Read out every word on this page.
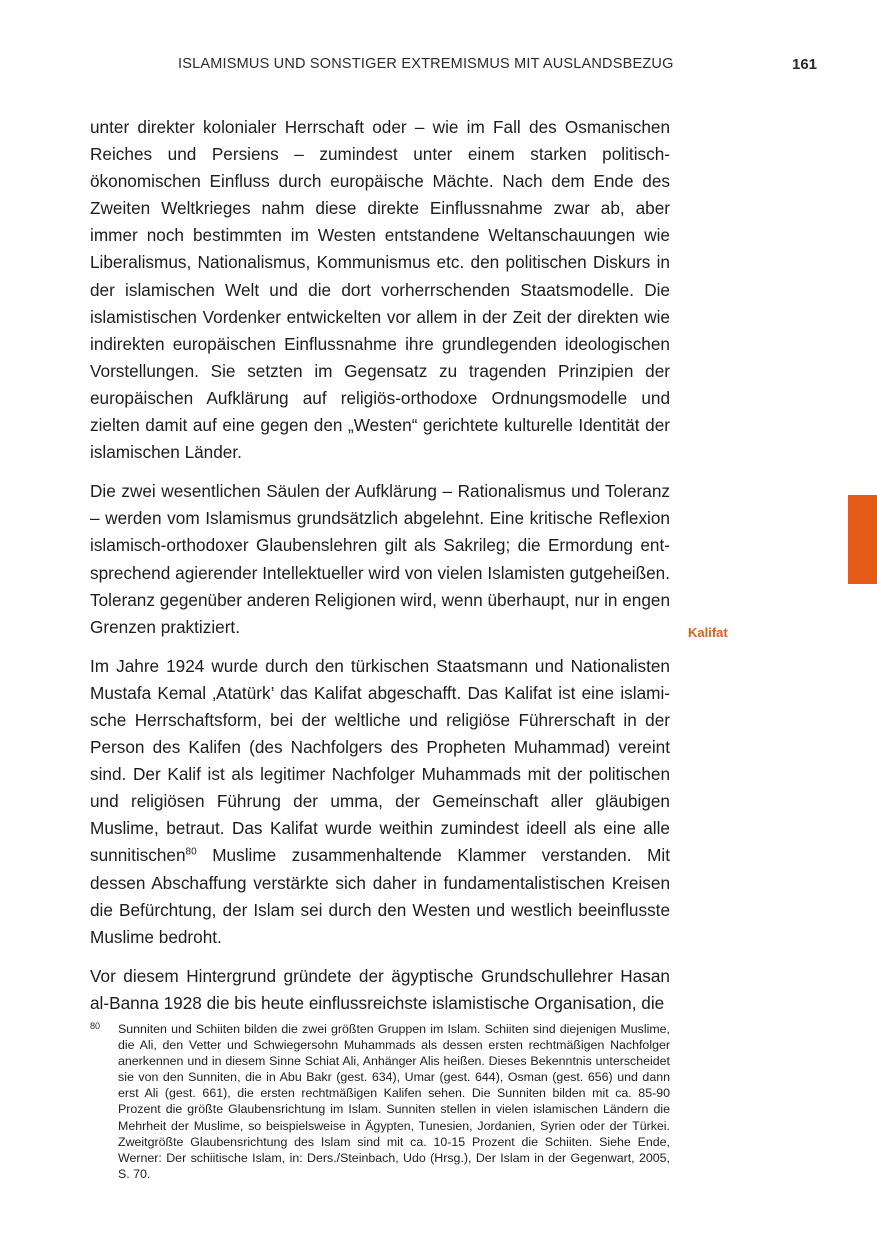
ISLAMISMUS UND SONSTIGER EXTREMISMUS MIT AUSLANDSBEZUG	161

unter direkter kolonialer Herrschaft oder – wie im Fall des Osmanischen Reiches und Persiens – zumindest unter einem starken politisch-ökonomischen Einfluss durch europäische Mächte. Nach dem Ende des Zweiten Weltkrieges nahm diese direkte Einflussnahme zwar ab, aber immer noch bestimmten im Westen entstandene Weltanschauungen wie Liberalismus, Nationalismus, Kommunismus etc. den politischen Diskurs in der islamischen Welt und die dort vorherrschenden Staatsmodelle. Die islamistischen Vordenker entwickelten vor allem in der Zeit der direkten wie indirekten europäischen Einflussnahme ihre grundlegenden ideologischen Vorstellungen. Sie setzten im Gegensatz zu tragenden Prinzipien der europäischen Aufklärung auf religiös-orthodoxe Ordnungsmodelle und zielten damit auf eine gegen den „Westen“ gerichtete kulturelle Identität der islamischen Länder.

Die zwei wesentlichen Säulen der Aufklärung – Rationalismus und Toleranz – werden vom Islamismus grundsätzlich abgelehnt. Eine kritische Reflexion islamisch-orthodoxer Glaubenslehren gilt als Sakrileg; die Ermordung entsprechend agierender Intellektueller wird von vielen Islamisten gutgeheißen. Toleranz gegenüber anderen Religionen wird, wenn überhaupt, nur in engen Grenzen praktiziert.

Im Jahre 1924 wurde durch den türkischen Staatsmann und Nationalisten Mustafa Kemal ‚Atatürk’ das Kalifat abgeschafft. Das Kalifat ist eine islamische Herrschaftsform, bei der weltliche und religiöse Führerschaft in der Person des Kalifen (des Nachfolgers des Propheten Muhammad) vereint sind. Der Kalif ist als legitimer Nachfolger Muhammads mit der politischen und religiösen Führung der umma, der Gemeinschaft aller gläubigen Muslime, betraut. Das Kalifat wurde weithin zumindest ideell als eine alle sunnitischen$^{80}$ Muslime zusammenhaltende Klammer verstanden. Mit dessen Abschaffung verstärkte sich daher in fundamentalistischen Kreisen die Befürchtung, der Islam sei durch den Westen und westlich beeinflusste Muslime bedroht.

Vor diesem Hintergrund gründete der ägyptische Grundschullehrer Hasan al-Banna 1928 die bis heute einflussreichste islamistische Organisation, die

Kalifat
80 Sunniten und Schiiten bilden die zwei größten Gruppen im Islam. Schiiten sind diejenigen Muslime, die Ali, den Vetter und Schwiegersohn Muhammads als dessen ersten rechtmäßigen Nachfolger anerkennen und in diesem Sinne Schiat Ali, Anhänger Alis heißen. Dieses Bekenntnis unterscheidet sie von den Sunniten, die in Abu Bakr (gest. 634), Umar (gest. 644), Osman (gest. 656) und dann erst Ali (gest. 661), die ersten rechtmäßigen Kalifen sehen. Die Sunniten bilden mit ca. 85-90 Prozent die größte Glaubensrichtung im Islam. Sunniten stellen in vielen islamischen Ländern die Mehrheit der Muslime, so beispielsweise in Ägypten, Tunesien, Jordanien, Syrien oder der Türkei. Zweitgrößte Glaubensrichtung des Islam sind mit ca. 10-15 Prozent die Schiiten. Siehe Ende, Werner: Der schiitische Islam, in: Ders./Steinbach, Udo (Hrsg.), Der Islam in der Gegenwart, 2005, S. 70.
